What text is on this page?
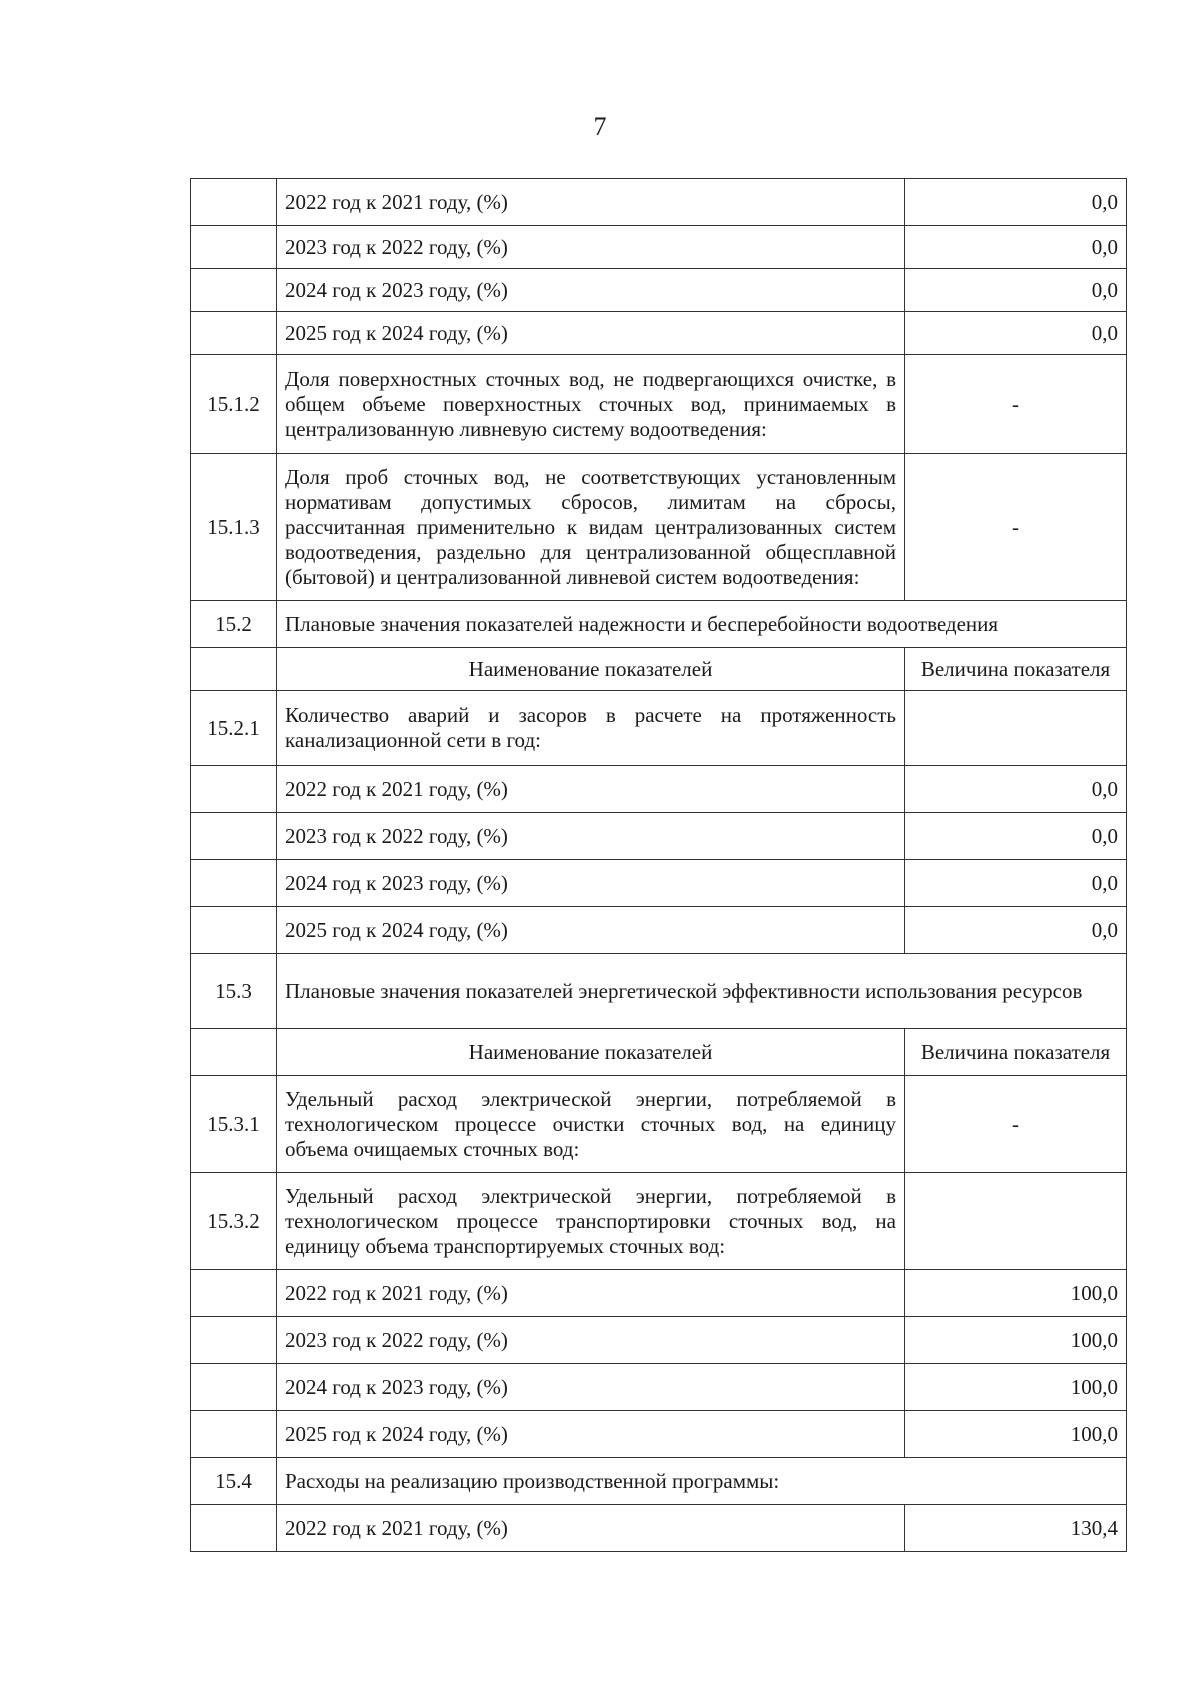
7
	2022 год к 2021 году, (%)	0,0
	2023 год к 2022 году, (%)	0,0
	2024 год к 2023 году, (%)	0,0
	2025 год к 2024 году, (%)	0,0
15.1.2	Доля поверхностных сточных вод, не подвергающихся очистке, в общем объеме поверхностных сточных вод, принимаемых в централизованную ливневую систему водоотведения:	-
15.1.3	Доля проб сточных вод, не соответствующих установленным нормативам допустимых сбросов, лимитам на сбросы, рассчитанная применительно к видам централизованных систем водоотведения, раздельно для централизованной общесплавной (бытовой) и централизованной ливневой систем водоотведения:	-
15.2	Плановые значения показателей надежности и бесперебойности водоотведения	
	Наименование показателей	Величина показателя
15.2.1	Количество аварий и засоров в расчете на протяженность канализационной сети в год:	
	2022 год к 2021 году, (%)	0,0
	2023 год к 2022 году, (%)	0,0
	2024 год к 2023 году, (%)	0,0
	2025 год к 2024 году, (%)	0,0
15.3	Плановые значения показателей энергетической эффективности использования ресурсов	
	Наименование показателей	Величина показателя
15.3.1	Удельный расход электрической энергии, потребляемой в технологическом процессе очистки сточных вод, на единицу объема очищаемых сточных вод:	-
15.3.2	Удельный расход электрической энергии, потребляемой в технологическом процессе транспортировки сточных вод, на единицу объема транспортируемых сточных вод:	
	2022 год к 2021 году, (%)	100,0
	2023 год к 2022 году, (%)	100,0
	2024 год к 2023 году, (%)	100,0
	2025 год к 2024 году, (%)	100,0
15.4	Расходы на реализацию производственной программы:	
	2022 год к 2021 году, (%)	130,4
